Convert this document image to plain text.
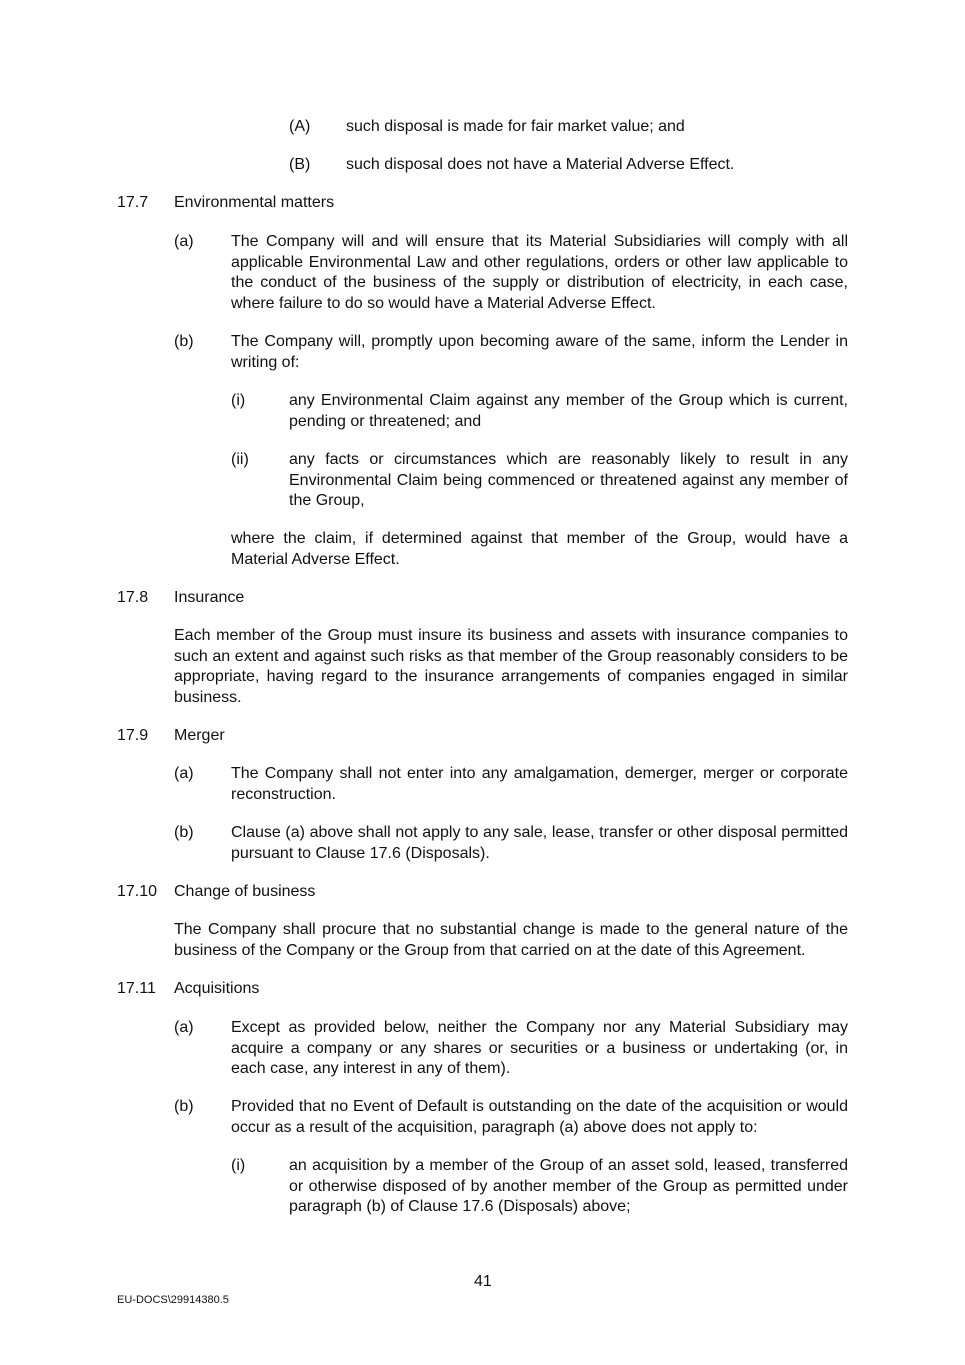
(A) such disposal is made for fair market value; and
(B) such disposal does not have a Material Adverse Effect.
17.7 Environmental matters
(a) The Company will and will ensure that its Material Subsidiaries will comply with all applicable Environmental Law and other regulations, orders or other law applicable to the conduct of the business of the supply or distribution of electricity, in each case, where failure to do so would have a Material Adverse Effect.
(b) The Company will, promptly upon becoming aware of the same, inform the Lender in writing of:
(i)	any Environmental Claim against any member of the Group which is current, pending or threatened; and
(ii)	any facts or circumstances which are reasonably likely to result in any Environmental Claim being commenced or threatened against any member of the Group,
where the claim, if determined against that member of the Group, would have a Material Adverse Effect.
17.8 Insurance
Each member of the Group must insure its business and assets with insurance companies to such an extent and against such risks as that member of the Group reasonably considers to be appropriate, having regard to the insurance arrangements of companies engaged in similar business.
17.9 Merger
(a) The Company shall not enter into any amalgamation, demerger, merger or corporate reconstruction.
(b) Clause (a) above shall not apply to any sale, lease, transfer or other disposal permitted pursuant to Clause 17.6 (Disposals).
17.10 Change of business
The Company shall procure that no substantial change is made to the general nature of the business of the Company or the Group from that carried on at the date of this Agreement.
17.11 Acquisitions
(a) Except as provided below, neither the Company nor any Material Subsidiary may acquire a company or any shares or securities or a business or undertaking (or, in each case, any interest in any of them).
(b) Provided that no Event of Default is outstanding on the date of the acquisition or would occur as a result of the acquisition, paragraph (a) above does not apply to:
(i)	an acquisition by a member of the Group of an asset sold, leased, transferred or otherwise disposed of by another member of the Group as permitted under paragraph (b) of Clause 17.6 (Disposals) above;
41
EU-DOCS\29914380.5
